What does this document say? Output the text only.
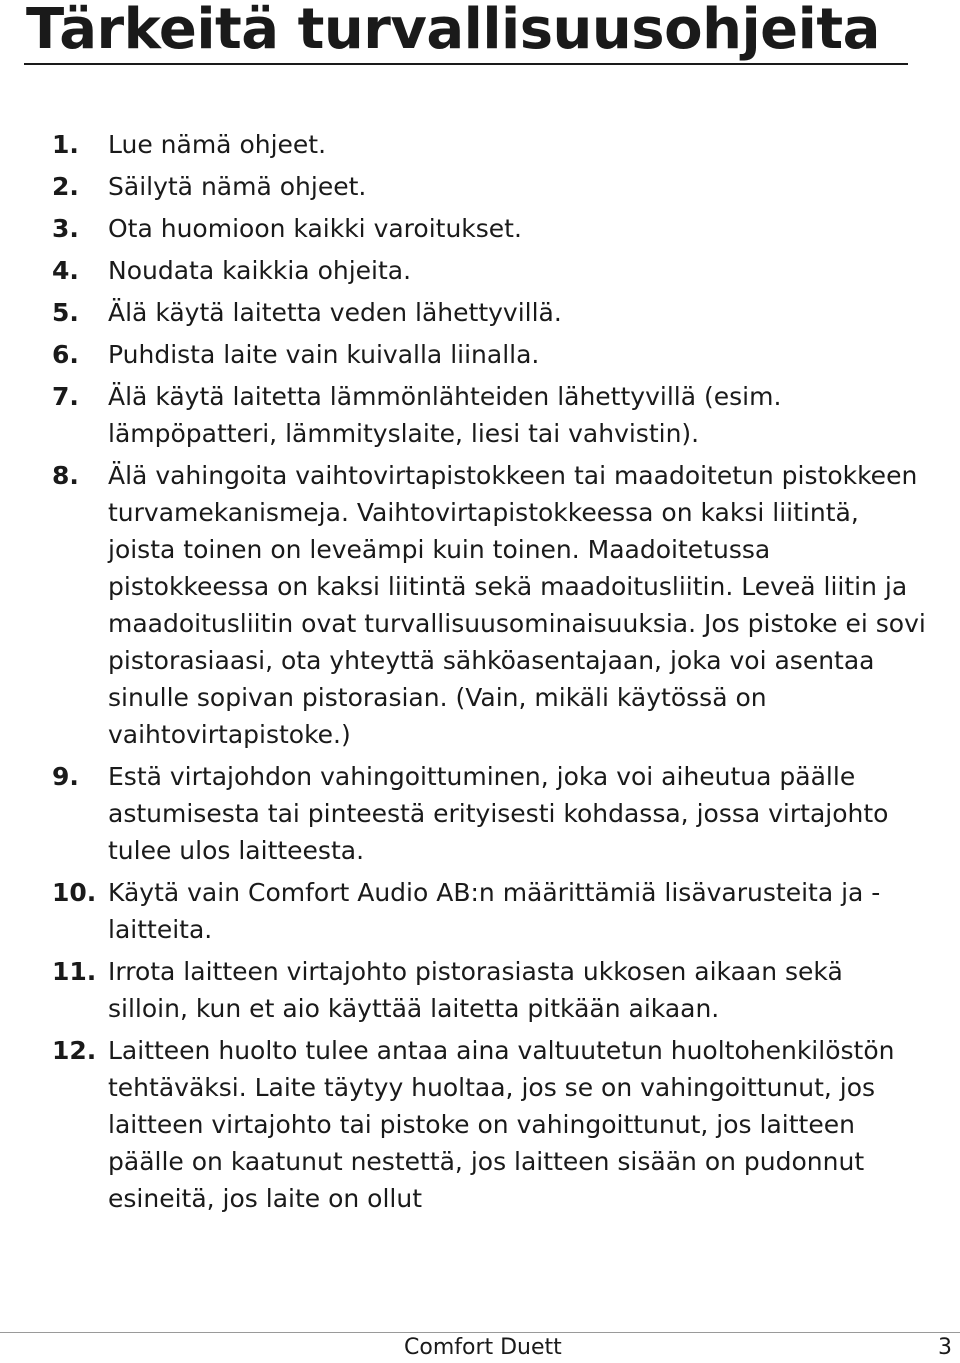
Tärkeitä turvallisuusohjeita
1. Lue nämä ohjeet.
2. Säilytä nämä ohjeet.
3. Ota huomioon kaikki varoitukset.
4. Noudata kaikkia ohjeita.
5. Älä käytä laitetta veden lähettyvillä.
6. Puhdista laite vain kuivalla liinalla.
7. Älä käytä laitetta lämmönlähteiden lähettyvillä (esim. lämpöpatteri, lämmityslaite, liesi tai vahvistin).
8. Älä vahingoita vaihtovirtapistokkeen tai maadoitetun pistokkeen turvamekanismeja. Vaihtovirtapistokkeessa on kaksi liitintä, joista toinen on leveämpi kuin toinen. Maadoitetussa pistokkeessa on kaksi liitintä sekä maadoitusliitin. Leveä liitin ja maadoitusliitin ovat turvallisuusominaisuuksia. Jos pistoke ei sovi pistorasiaasi, ota yhteyttä sähköasentajaan, joka voi asentaa sinulle sopivan pistorasian. (Vain, mikäli käytössä on vaihtovirtapistoke.)
9. Estä virtajohdon vahingoittuminen, joka voi aiheutua päälle astumisesta tai pinteestä erityisesti kohdassa, jossa virtajohto tulee ulos laitteesta.
10. Käytä vain Comfort Audio AB:n määrittämiä lisävarusteita ja -laitteita.
11. Irrota laitteen virtajohto pistorasiasta ukkosen aikaan sekä silloin, kun et aio käyttää laitetta pitkään aikaan.
12. Laitteen huolto tulee antaa aina valtuutetun huoltohenkilöstön tehtäväksi. Laite täytyy huoltaa, jos se on vahingoittunut, jos laitteen virtajohto tai pistoke on vahingoittunut, jos laitteen päälle on kaatunut nestettä, jos laitteen sisään on pudonnut esineitä, jos laite on ollut
Comfort Duett	3
